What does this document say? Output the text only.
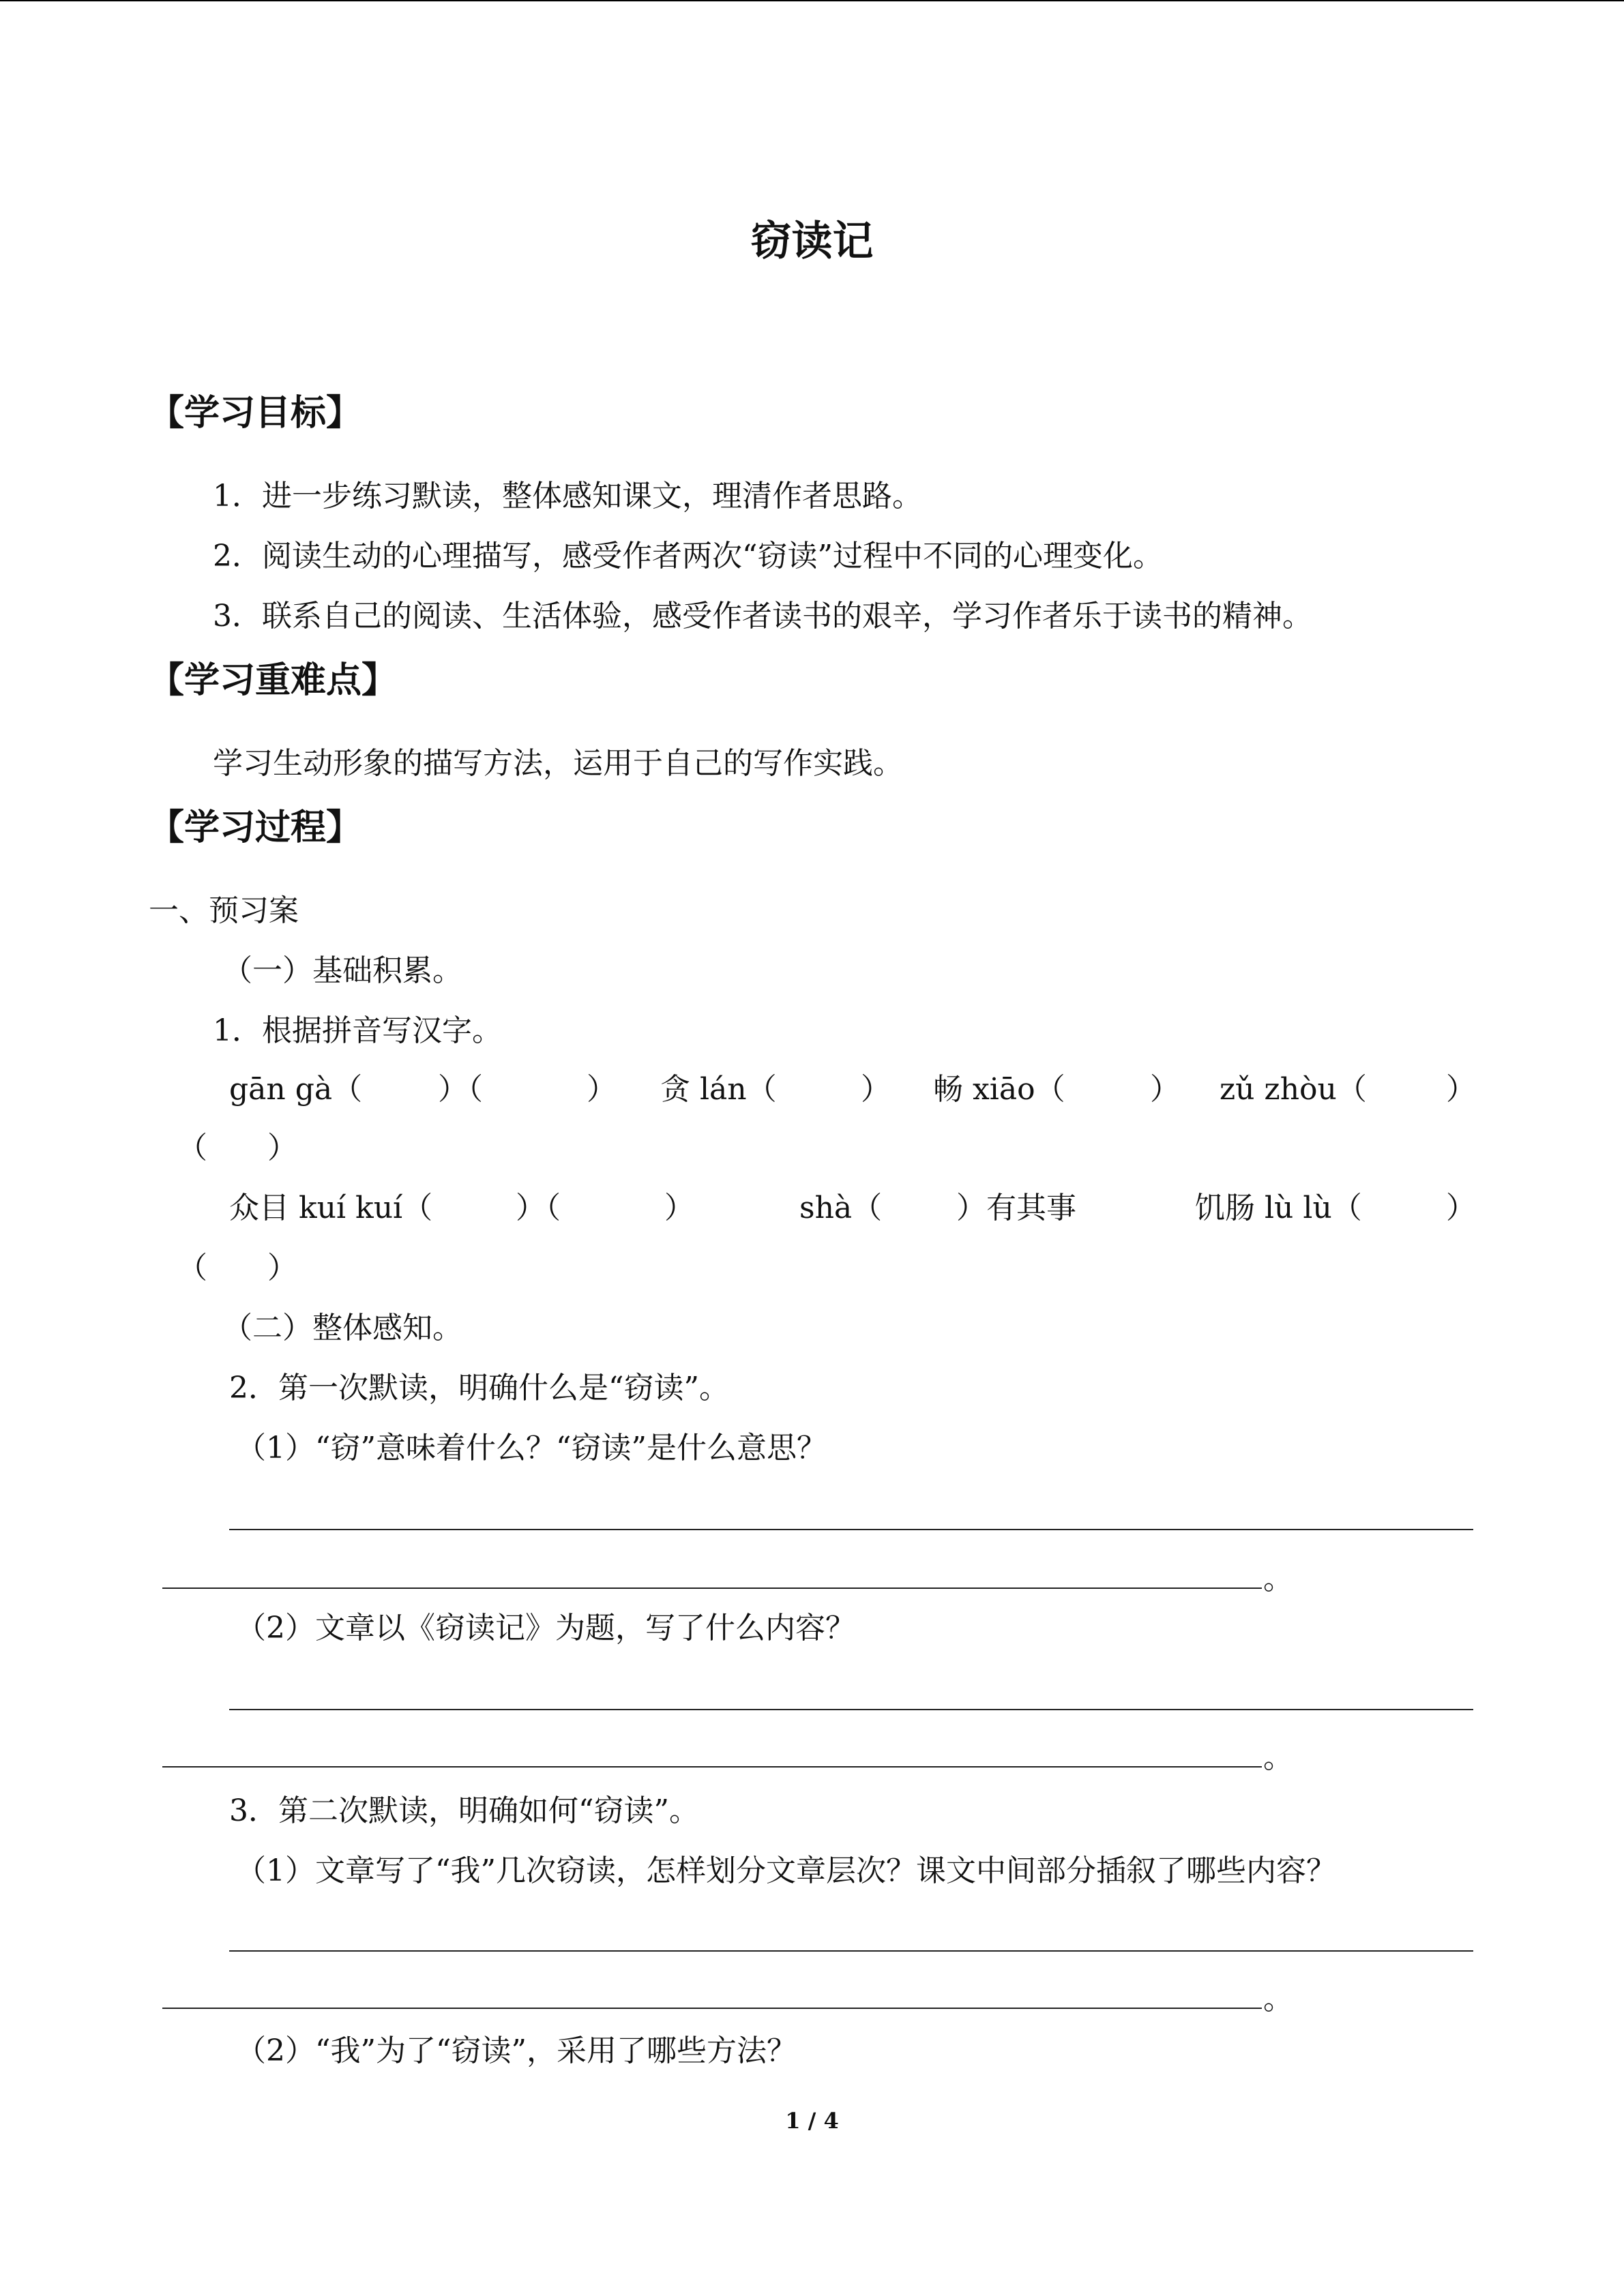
窃读记
【学习目标】
1．进一步练习默读，整体感知课文，理清作者思路。
2．阅读生动的心理描写，感受作者两次“窃读”过程中不同的心理变化。
3．联系自己的阅读、生活体验，感受作者读书的艰辛，学习作者乐于读书的精神。
【学习重难点】
学习生动形象的描写方法，运用于自己的写作实践。
【学习过程】
一、预习案
（一）基础积累。
1．根据拼音写汉字。
gān gà（	）（	） 贪 lán（	） 畅 xiāo（	） zǔ zhòu（	）
（　　）
众目 kuí kuí（	）（	）	shà（ ）有其事	饥肠 lù lù（	）
（　　）
（二）整体感知。
2．第一次默读，明确什么是“窃读”。
（1）“窃”意味着什么？“窃读”是什么意思？
。
（2）文章以《窃读记》为题，写了什么内容？
。
3．第二次默读，明确如何“窃读”。
（1）文章写了“我”几次窃读，怎样划分文章层次？课文中间部分插叙了哪些内容？
。
（2）“我”为了“窃读”，采用了哪些方法？
1 / 4
